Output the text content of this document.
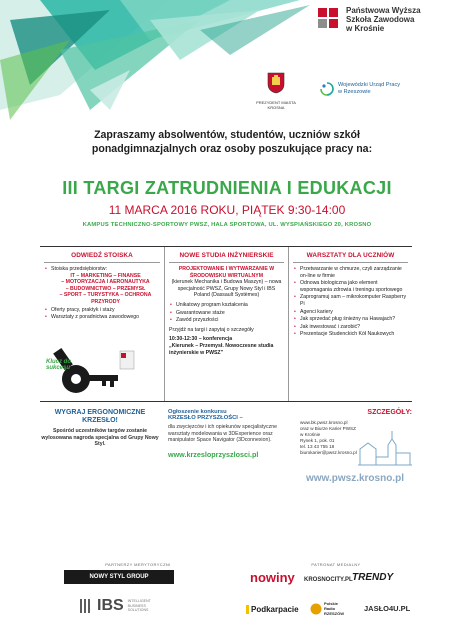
Państwowa Wyższa
Szkoła Zawodowa
w Krośnie
PREZYDENT MIASTA KROSNA
Wojewódzki Urząd Pracy
w Rzeszowie
Zapraszamy absolwentów, studentów, uczniów szkół
ponadgimnazjalnych oraz osoby poszukujące pracy na:
III TARGI ZATRUDNIENIA I EDUKACJI
11 MARCA 2016 ROKU, PIĄTEK 9:30-14:00
KAMPUS TECHNICZNO-SPORTOWY PWSZ, HALA SPORTOWA, UL. WYSPIAŃSKIEGO 20, KROSNO
ODWIEDŹ STOISKA
• Stoiska przedsiębiorstw:
IT – MARKETING – FINANSE
– MOTORYZACJA I AERONAUTYKA
– BUDOWNICTWO – PRZEMYSŁ
– SPORT – TURYSTYKA – OCHRONA
PRZYRODY
• Oferty pracy, praktyk i staży
• Warsztaty z poradnictwa zawodowego
Klucz do sukcesu
NOWE STUDIA INŻYNIERSKIE
PROJEKTOWANIE I WYTWARZANIE W ŚRODOWISKU WIRTUALNYM
(kierunek Mechanika i Budowa Maszyn) – nowa specjalność PWSZ, Grupy Nowy Styl i IBS Poland (Dassault Systèmes)
• Unikatowy program kształcenia
• Gwarantowane staże
• Zawód przyszłości
Przyjdź na targi i zapytaj o szczegóły
10:30-12:30 – konferencja
„Kierunek – Przemysł. Nowoczesne studia inżynierskie w PWSZ”
WARSZTATY DLA UCZNIÓW
• Przetwarzanie w chmurze, czyli zarządzanie on-line w firmie
• Odnowa biologiczna jako element wspomagania zdrowia i treningu sportowego
• Zaprogramuj sam – mikrokomputer Raspberry Pi
• Agenci kariery
• Jak sprzedać pług śnieżny na Hawajach?
• Jak inwestować i zarobić?
• Prezentacje Studenckich Kół Naukowych
WYGRAJ ERGONOMICZNE
KRZESŁO!
Spośród uczestników targów zostanie wylosowana nagroda specjalna od Grupy Nowy Styl.
Ogłoszenie konkursu
KRZESŁO PRZYSZŁOŚCI –
dla zwycięzców i ich opiekunów specjalistyczne warsztaty modelowania w 3DExperience oraz manipulator Space Navigator (3Dconnexion).
www.krzesloprzyszlosci.pl
SZCZEGÓŁY:
www.bk.pwsz.krosno.pl
oraz w Biurze Karier PWSZ
w Krośnie
Rynek 1, pok. 01
tel. 13 43 755 18
biurokarier@pwsz.krosno.pl
www.pwsz.krosno.pl
PARTNERZY MERYTORYCZNI	PATRONAT MEDIALNY
NOWY STYL GROUP
IBS INTELLIGENT BUSINESS SOLUTIONS
nowiny KROSNOCITY.PL TRENDY
Podkarpacie
Polskie Radio RZESZÓW
JASŁO4U.PL
